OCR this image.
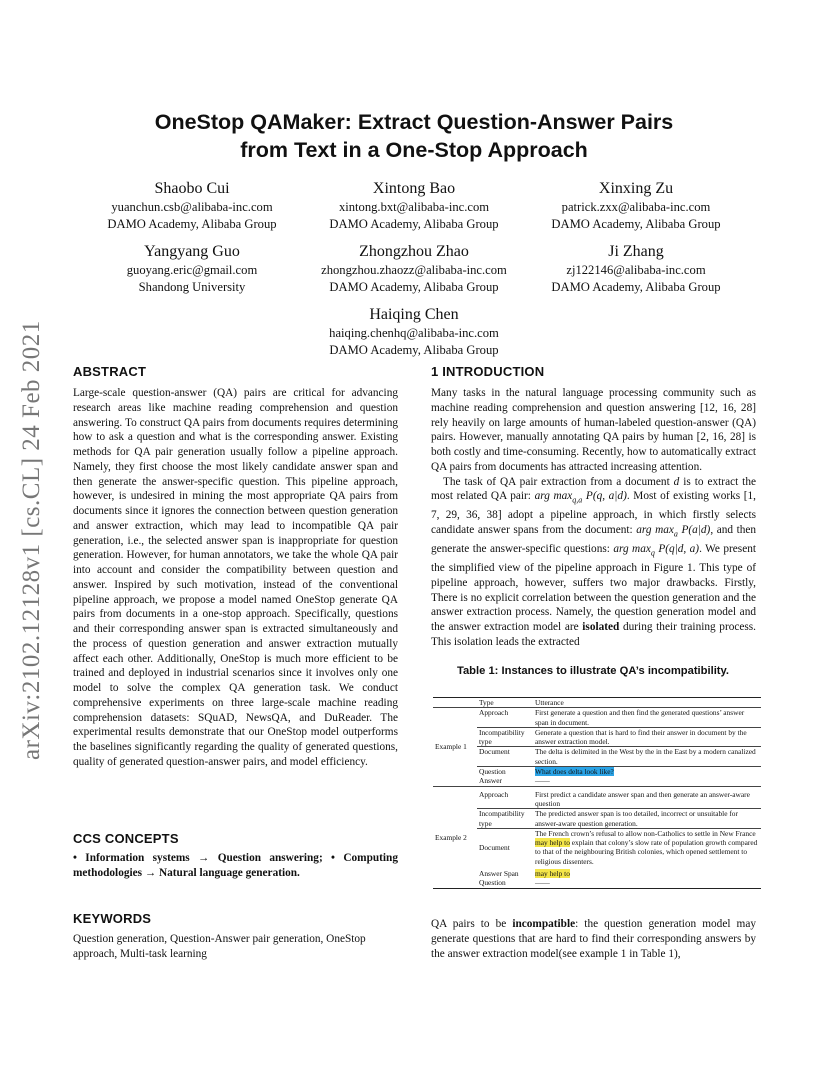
arXiv:2102.12128v1 [cs.CL] 24 Feb 2021
OneStop QAMaker: Extract Question-Answer Pairs
from Text in a One-Stop Approach
Shaobo Cui
yuanchun.csb@alibaba-inc.com
DAMO Academy, Alibaba Group
Xintong Bao
xintong.bxt@alibaba-inc.com
DAMO Academy, Alibaba Group
Xinxing Zu
patrick.zxx@alibaba-inc.com
DAMO Academy, Alibaba Group
Yangyang Guo
guoyang.eric@gmail.com
Shandong University
Zhongzhou Zhao
zhongzhou.zhaozz@alibaba-inc.com
DAMO Academy, Alibaba Group
Ji Zhang
zj122146@alibaba-inc.com
DAMO Academy, Alibaba Group
Haiqing Chen
haiqing.chenhq@alibaba-inc.com
DAMO Academy, Alibaba Group
ABSTRACT
Large-scale question-answer (QA) pairs are critical for advancing research areas like machine reading comprehension and question answering. To construct QA pairs from documents requires determining how to ask a question and what is the corresponding answer. Existing methods for QA pair generation usually follow a pipeline approach. Namely, they first choose the most likely candidate answer span and then generate the answer-specific question. This pipeline approach, however, is undesired in mining the most appropriate QA pairs from documents since it ignores the connection between question generation and answer extraction, which may lead to incompatible QA pair generation, i.e., the selected answer span is inappropriate for question generation. However, for human annotators, we take the whole QA pair into account and consider the compatibility between question and answer. Inspired by such motivation, instead of the conventional pipeline approach, we propose a model named OneStop generate QA pairs from documents in a one-stop approach. Specifically, questions and their corresponding answer span is extracted simultaneously and the process of question generation and answer extraction mutually affect each other. Additionally, OneStop is much more efficient to be trained and deployed in industrial scenarios since it involves only one model to solve the complex QA generation task. We conduct comprehensive experiments on three large-scale machine reading comprehension datasets: SQuAD, NewsQA, and DuReader. The experimental results demonstrate that our OneStop model outperforms the baselines significantly regarding the quality of generated questions, quality of generated question-answer pairs, and model efficiency.
CCS CONCEPTS
• Information systems → Question answering; • Computing methodologies → Natural language generation.
KEYWORDS
Question generation, Question-Answer pair generation, OneStop approach, Multi-task learning
1 INTRODUCTION

Many tasks in the natural language processing community such as machine reading comprehension and question answering [12, 16, 28] rely heavily on large amounts of human-labeled question-answer (QA) pairs. However, manually annotating QA pairs by human [2, 16, 28] is both costly and time-consuming. Recently, how to automatically extract QA pairs from documents has attracted increasing attention.

The task of QA pair extraction from a document d is to extract the most related QA pair: arg $\max_{q,a} P(q$, a|d). Most of existing works [1, 7, 29, 36, 38] adopt a pipeline approach, in which firstly selects candidate answer spans from the document: arg $\max_a P(a|d)$, and then generate the answer-specific questions: arg $\max_q P(q|d$, a). We present the simplified view of the pipeline approach in Figure 1. This type of pipeline approach, however, suffers two major drawbacks. Firstly, There is no explicit correlation between the question generation and the answer extraction process. Namely, the question generation model and the answer extraction model are isolated during their training process. This isolation leads the extracted

Table 1: Instances to illustrate QA’s incompatibility.
	Type	Utterance
Example 1	Approach	First generate a question and then find the generated questions’ answer span in document.
	Incompatibility type	Generate a question that is hard to find their answer in document by the answer extraction model.
	Document	The delta is delimited in the West by the in the East by a modern canalized section.
	Question	What does delta look like?
	Answer	——
Example 2	Approach	First predict a candidate answer span and then generate an answer-aware question
	Incompatibility type	The predicted answer span is too detailed, incorrect or unsuitable for answer-aware question generation.
	Document	The French crown’s refusal to allow non-Catholics to settle in New France may help to explain that colony’s slow rate of population growth compared to that of the neighbouring British colonies, which opened settlement to religious dissenters.
	Answer Span	may help to
	Question	——
QA pairs to be incompatible: the question generation model may generate questions that are hard to find their corresponding answers by the answer extraction model(see example 1 in Table 1),
